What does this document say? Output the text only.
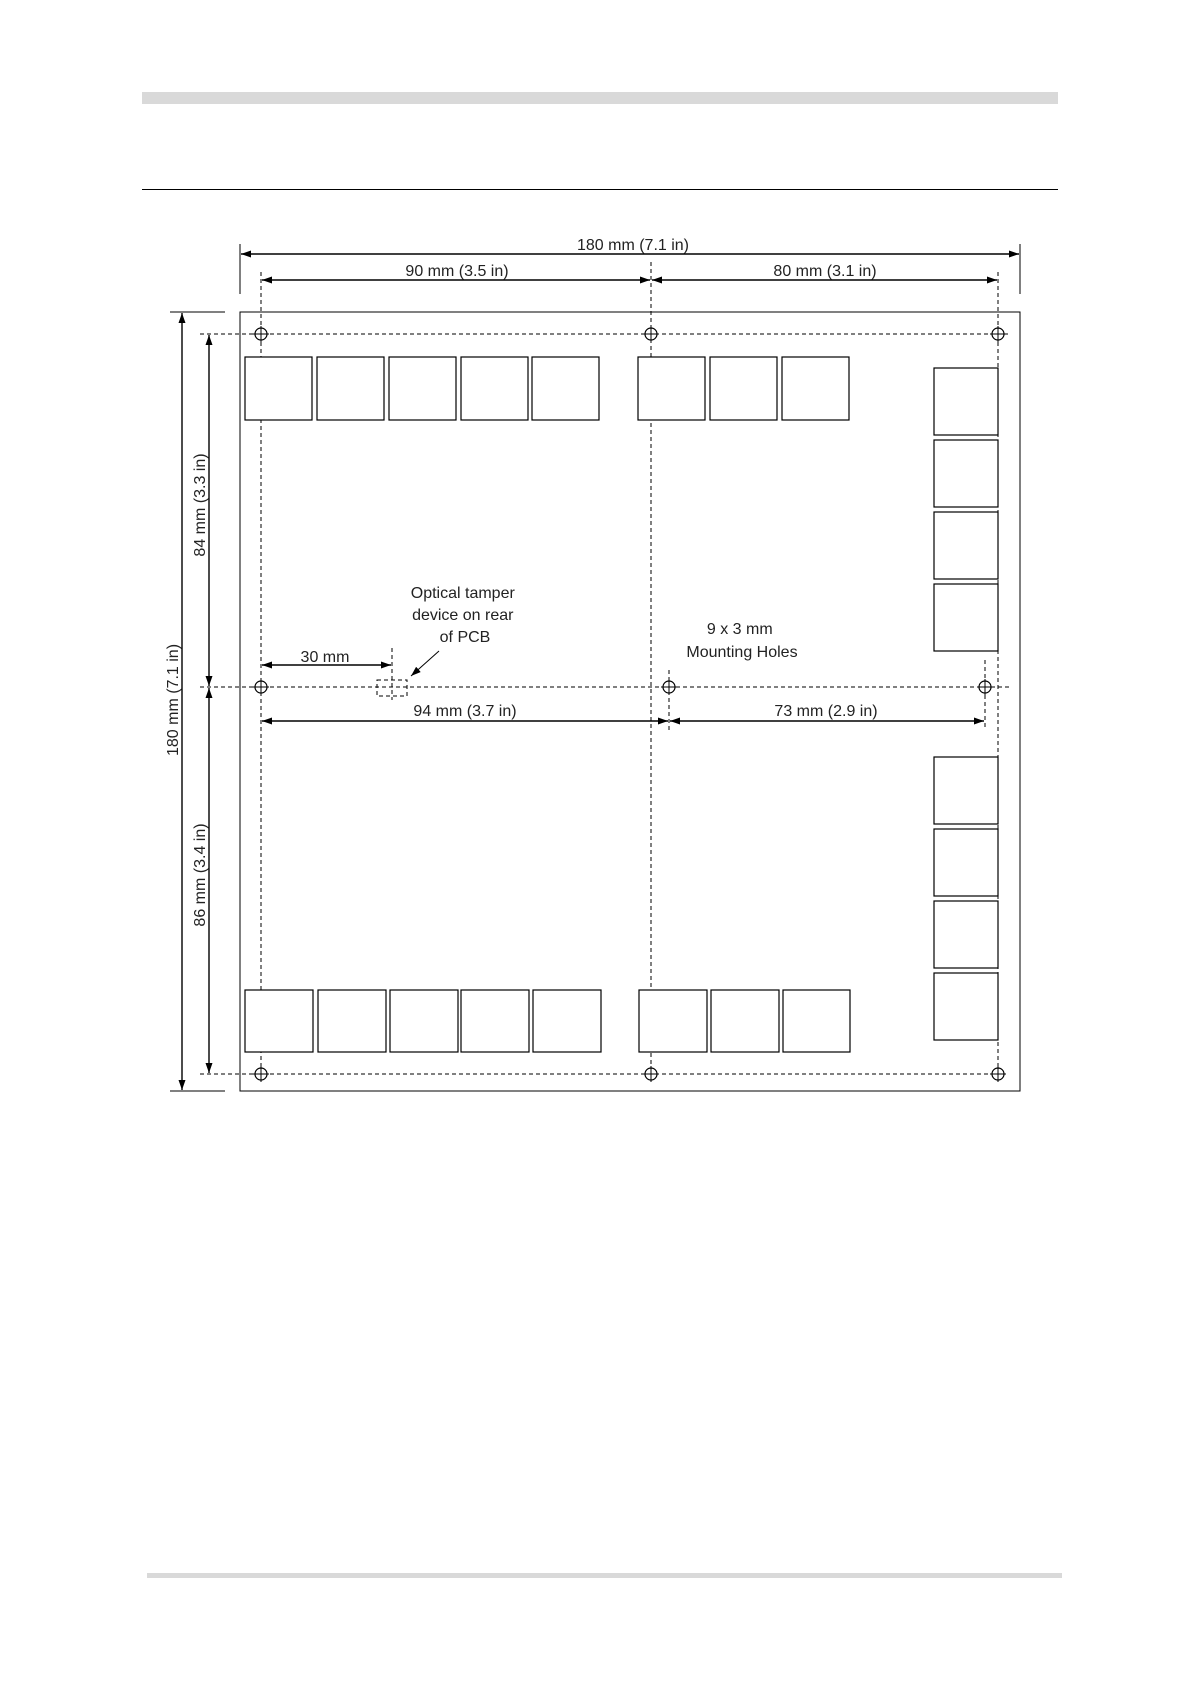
180 mm (7.1 in)
90 mm (3.5 in)	80 mm (3.1 in)
30 mm
94 mm (3.7 in)	73 mm (2.9 in)
180 mm (7.1 in)
84 mm (3.3 in)
86 mm (3.4 in)
Optical tamper device on rear of PCB	9 x 3 mm Mounting Holes
